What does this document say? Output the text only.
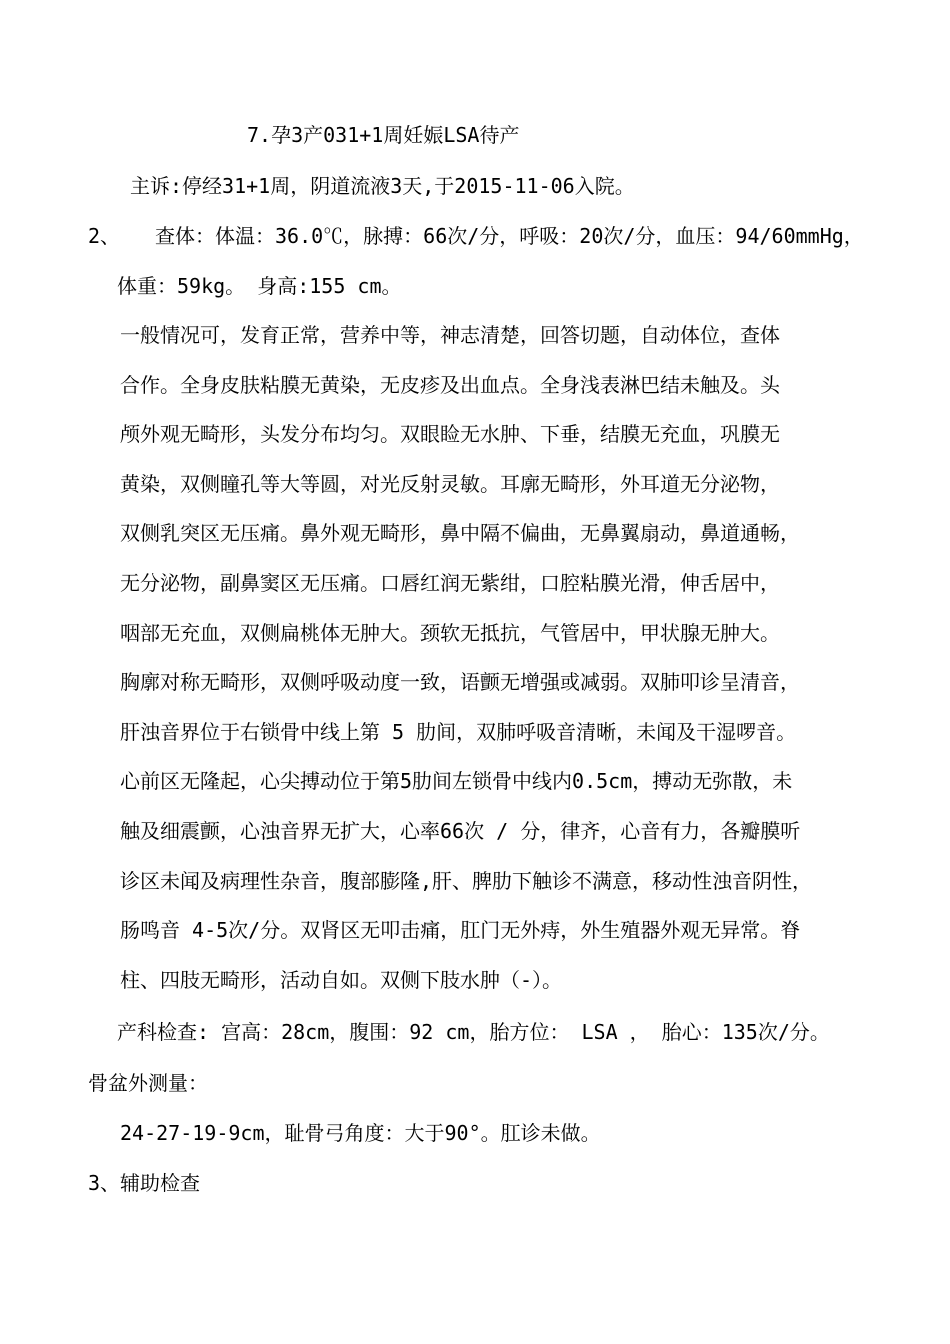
7.孕3产031+1周妊娠LSA待产
主诉:停经31+1周，阴道流液3天,于2015-11-06入院。
2、 查体：体温：36.0℃，脉搏：66次/分，呼吸：20次/分，血压：94/60mmHg，
体重：59kg。 身高:155 cm。
一般情况可，发育正常，营养中等，神志清楚，回答切题，自动体位，查体
合作。全身皮肤粘膜无黄染，无皮疹及出血点。全身浅表淋巴结未触及。头
颅外观无畸形，头发分布均匀。双眼睑无水肿、下垂，结膜无充血，巩膜无
黄染，双侧瞳孔等大等圆，对光反射灵敏。耳廓无畸形，外耳道无分泌物，
双侧乳突区无压痛。鼻外观无畸形，鼻中隔不偏曲，无鼻翼扇动，鼻道通畅，
无分泌物，副鼻窦区无压痛。口唇红润无紫绀，口腔粘膜光滑，伸舌居中，
咽部无充血，双侧扁桃体无肿大。颈软无抵抗，气管居中，甲状腺无肿大。
胸廓对称无畸形，双侧呼吸动度一致，语颤无增强或减弱。双肺叩诊呈清音，
肝浊音界位于右锁骨中线上第 5 肋间，双肺呼吸音清晰，未闻及干湿啰音。
心前区无隆起，心尖搏动位于第5肋间左锁骨中线内0.5cm，搏动无弥散，未
触及细震颤，心浊音界无扩大，心率66次 / 分，律齐，心音有力，各瓣膜听
诊区未闻及病理性杂音，腹部膨隆,肝、脾肋下触诊不满意，移动性浊音阴性，
肠鸣音 4-5次/分。双肾区无叩击痛，肛门无外痔，外生殖器外观无异常。脊
柱、四肢无畸形，活动自如。双侧下肢水肿（-）。
产科检查: 宫高：28cm，腹围：92 cm，胎方位： LSA ， 胎心：135次/分。
骨盆外测量：
24-27-19-9cm，耻骨弓角度：大于90°。肛诊未做。
3、辅助检查
